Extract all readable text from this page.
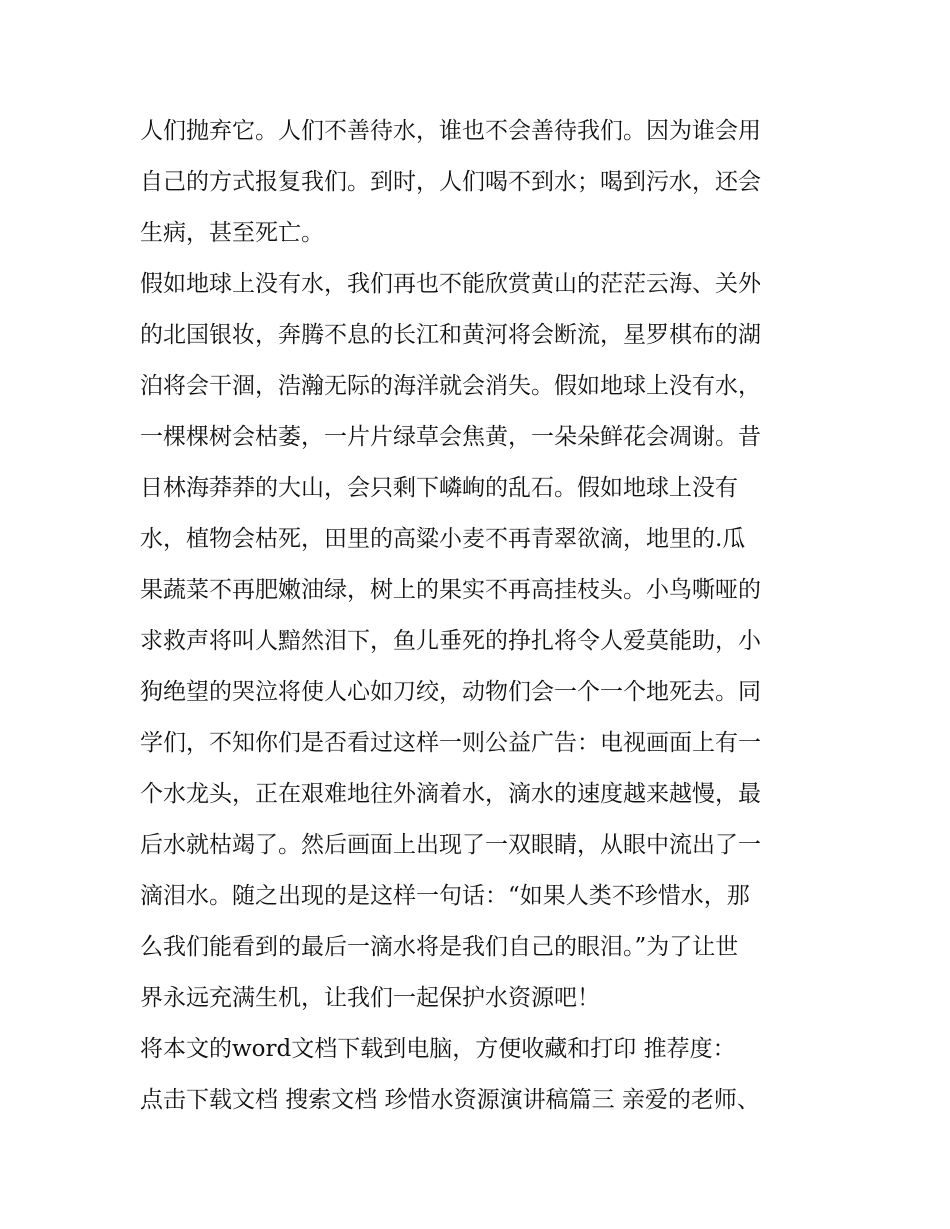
人们抛弃它。人们不善待水，谁也不会善待我们。因为谁会用
自己的方式报复我们。到时，人们喝不到水；喝到污水，还会
生病，甚至死亡。
假如地球上没有水，我们再也不能欣赏黄山的茫茫云海、关外
的北国银妆，奔腾不息的长江和黄河将会断流，星罗棋布的湖
泊将会干涸，浩瀚无际的海洋就会消失。假如地球上没有水，
一棵棵树会枯萎，一片片绿草会焦黄，一朵朵鲜花会凋谢。昔
日林海莽莽的大山，会只剩下嶙峋的乱石。假如地球上没有
水，植物会枯死，田里的高粱小麦不再青翠欲滴，地里的.瓜
果蔬菜不再肥嫩油绿，树上的果实不再高挂枝头。小鸟嘶哑的
求救声将叫人黯然泪下，鱼儿垂死的挣扎将令人爱莫能助，小
狗绝望的哭泣将使人心如刀绞，动物们会一个一个地死去。同
学们，不知你们是否看过这样一则公益广告：电视画面上有一
个水龙头，正在艰难地往外滴着水，滴水的速度越来越慢，最
后水就枯竭了。然后画面上出现了一双眼睛，从眼中流出了一
滴泪水。随之出现的是这样一句话：“如果人类不珍惜水，那
么我们能看到的最后一滴水将是我们自己的眼泪。”为了让世
界永远充满生机，让我们一起保护水资源吧！
将本文的word文档下载到电脑，方便收藏和打印 推荐度：
点击下载文档 搜索文档 珍惜水资源演讲稿篇三 亲爱的老师、
